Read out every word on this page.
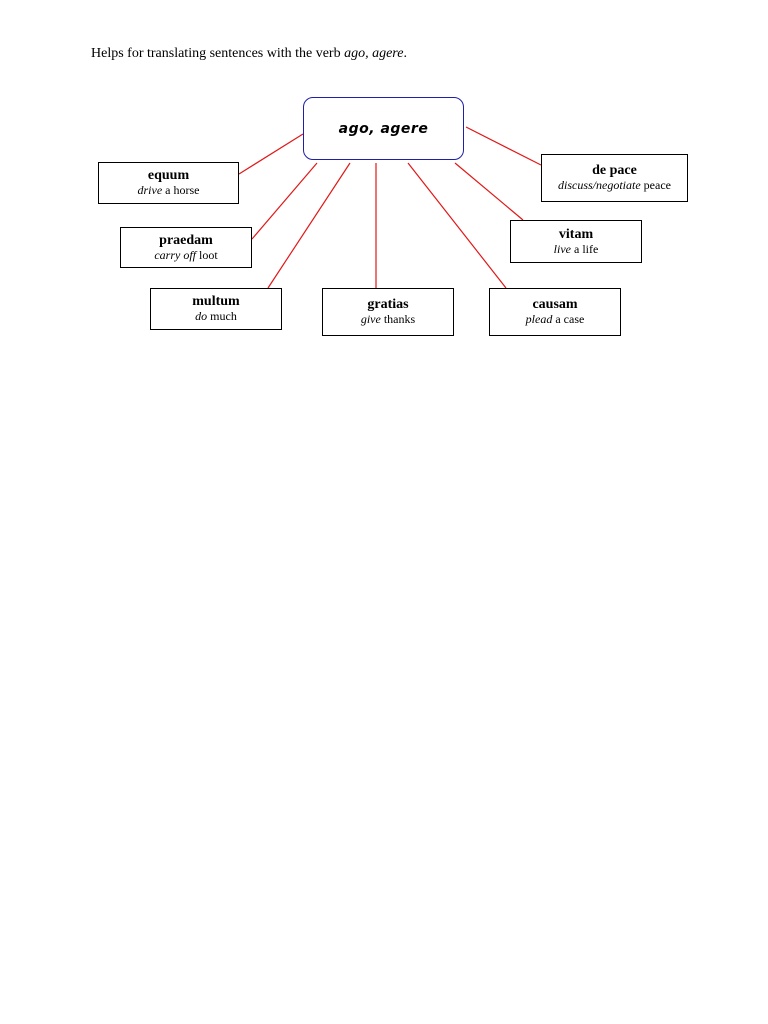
Helps for translating sentences with the verb ago, agere.
ago, agere
equum
drive a horse
praedam
carry off loot
multum
do much
gratias
give thanks
causam
plead a case
vitam
live a life
de pace
discuss/negotiate peace
